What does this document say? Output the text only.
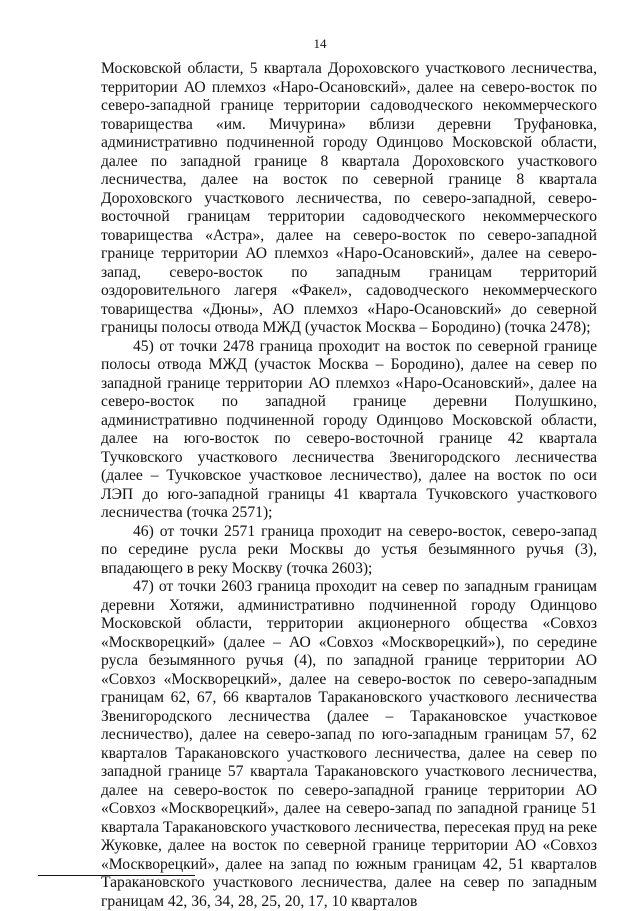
14

Московской области, 5 квартала Дороховского участкового лесничества, территории АО племхоз «Наро-Осановский», далее на северо-восток по северо-западной границе территории садоводческого некоммерческого товарищества «им. Мичурина» вблизи деревни Труфановка, административно подчиненной городу Одинцово Московской области, далее по западной границе 8 квартала Дороховского участкового лесничества, далее на восток по северной границе 8 квартала Дороховского участкового лесничества, по северо-западной, северо-восточной границам территории садоводческого некоммерческого товарищества «Астра», далее на северо-восток по северо-западной границе территории АО племхоз «Наро-Осановский», далее на северо-запад, северо-восток по западным границам территорий оздоровительного лагеря «Факел», садоводческого некоммерческого товарищества «Дюны», АО племхоз «Наро-Осановский» до северной границы полосы отвода МЖД (участок Москва – Бородино) (точка 2478);

45) от точки 2478 граница проходит на восток по северной границе полосы отвода МЖД (участок Москва – Бородино), далее на север по западной границе территории АО племхоз «Наро-Осановский», далее на северо-восток по западной границе деревни Полушкино, административно подчиненной городу Одинцово Московской области, далее на юго-восток по северо-восточной границе 42 квартала Тучковского участкового лесничества Звенигородского лесничества (далее – Тучковское участковое лесничество), далее на восток по оси ЛЭП до юго-западной границы 41 квартала Тучковского участкового лесничества (точка 2571);

46) от точки 2571 граница проходит на северо-восток, северо-запад по середине русла реки Москвы до устья безымянного ручья (3), впадающего в реку Москву (точка 2603);

47) от точки 2603 граница проходит на север по западным границам деревни Хотяжи, административно подчиненной городу Одинцово Московской области, территории акционерного общества «Совхоз «Москворецкий» (далее – АО «Совхоз «Москворецкий»), по середине русла безымянного ручья (4), по западной границе территории АО «Совхоз «Москворецкий», далее на северо-восток по северо-западным границам 62, 67, 66 кварталов Таракановского участкового лесничества Звенигородского лесничества (далее – Таракановское участковое лесничество), далее на северо-запад по юго-западным границам 57, 62 кварталов Таракановского участкового лесничества, далее на север по западной границе 57 квартала Таракановского участкового лесничества, далее на северо-восток по северо-западной границе территории АО «Совхоз «Москворецкий», далее на северо-запад по западной границе 51 квартала Таракановского участкового лесничества, пересекая пруд на реке Жуковке, далее на восток по северной границе территории АО «Совхоз «Москворецкий», далее на запад по южным границам 42, 51 кварталов Таракановского участкового лесничества, далее на север по западным границам 42, 36, 34, 28, 25, 20, 17, 10 кварталов
